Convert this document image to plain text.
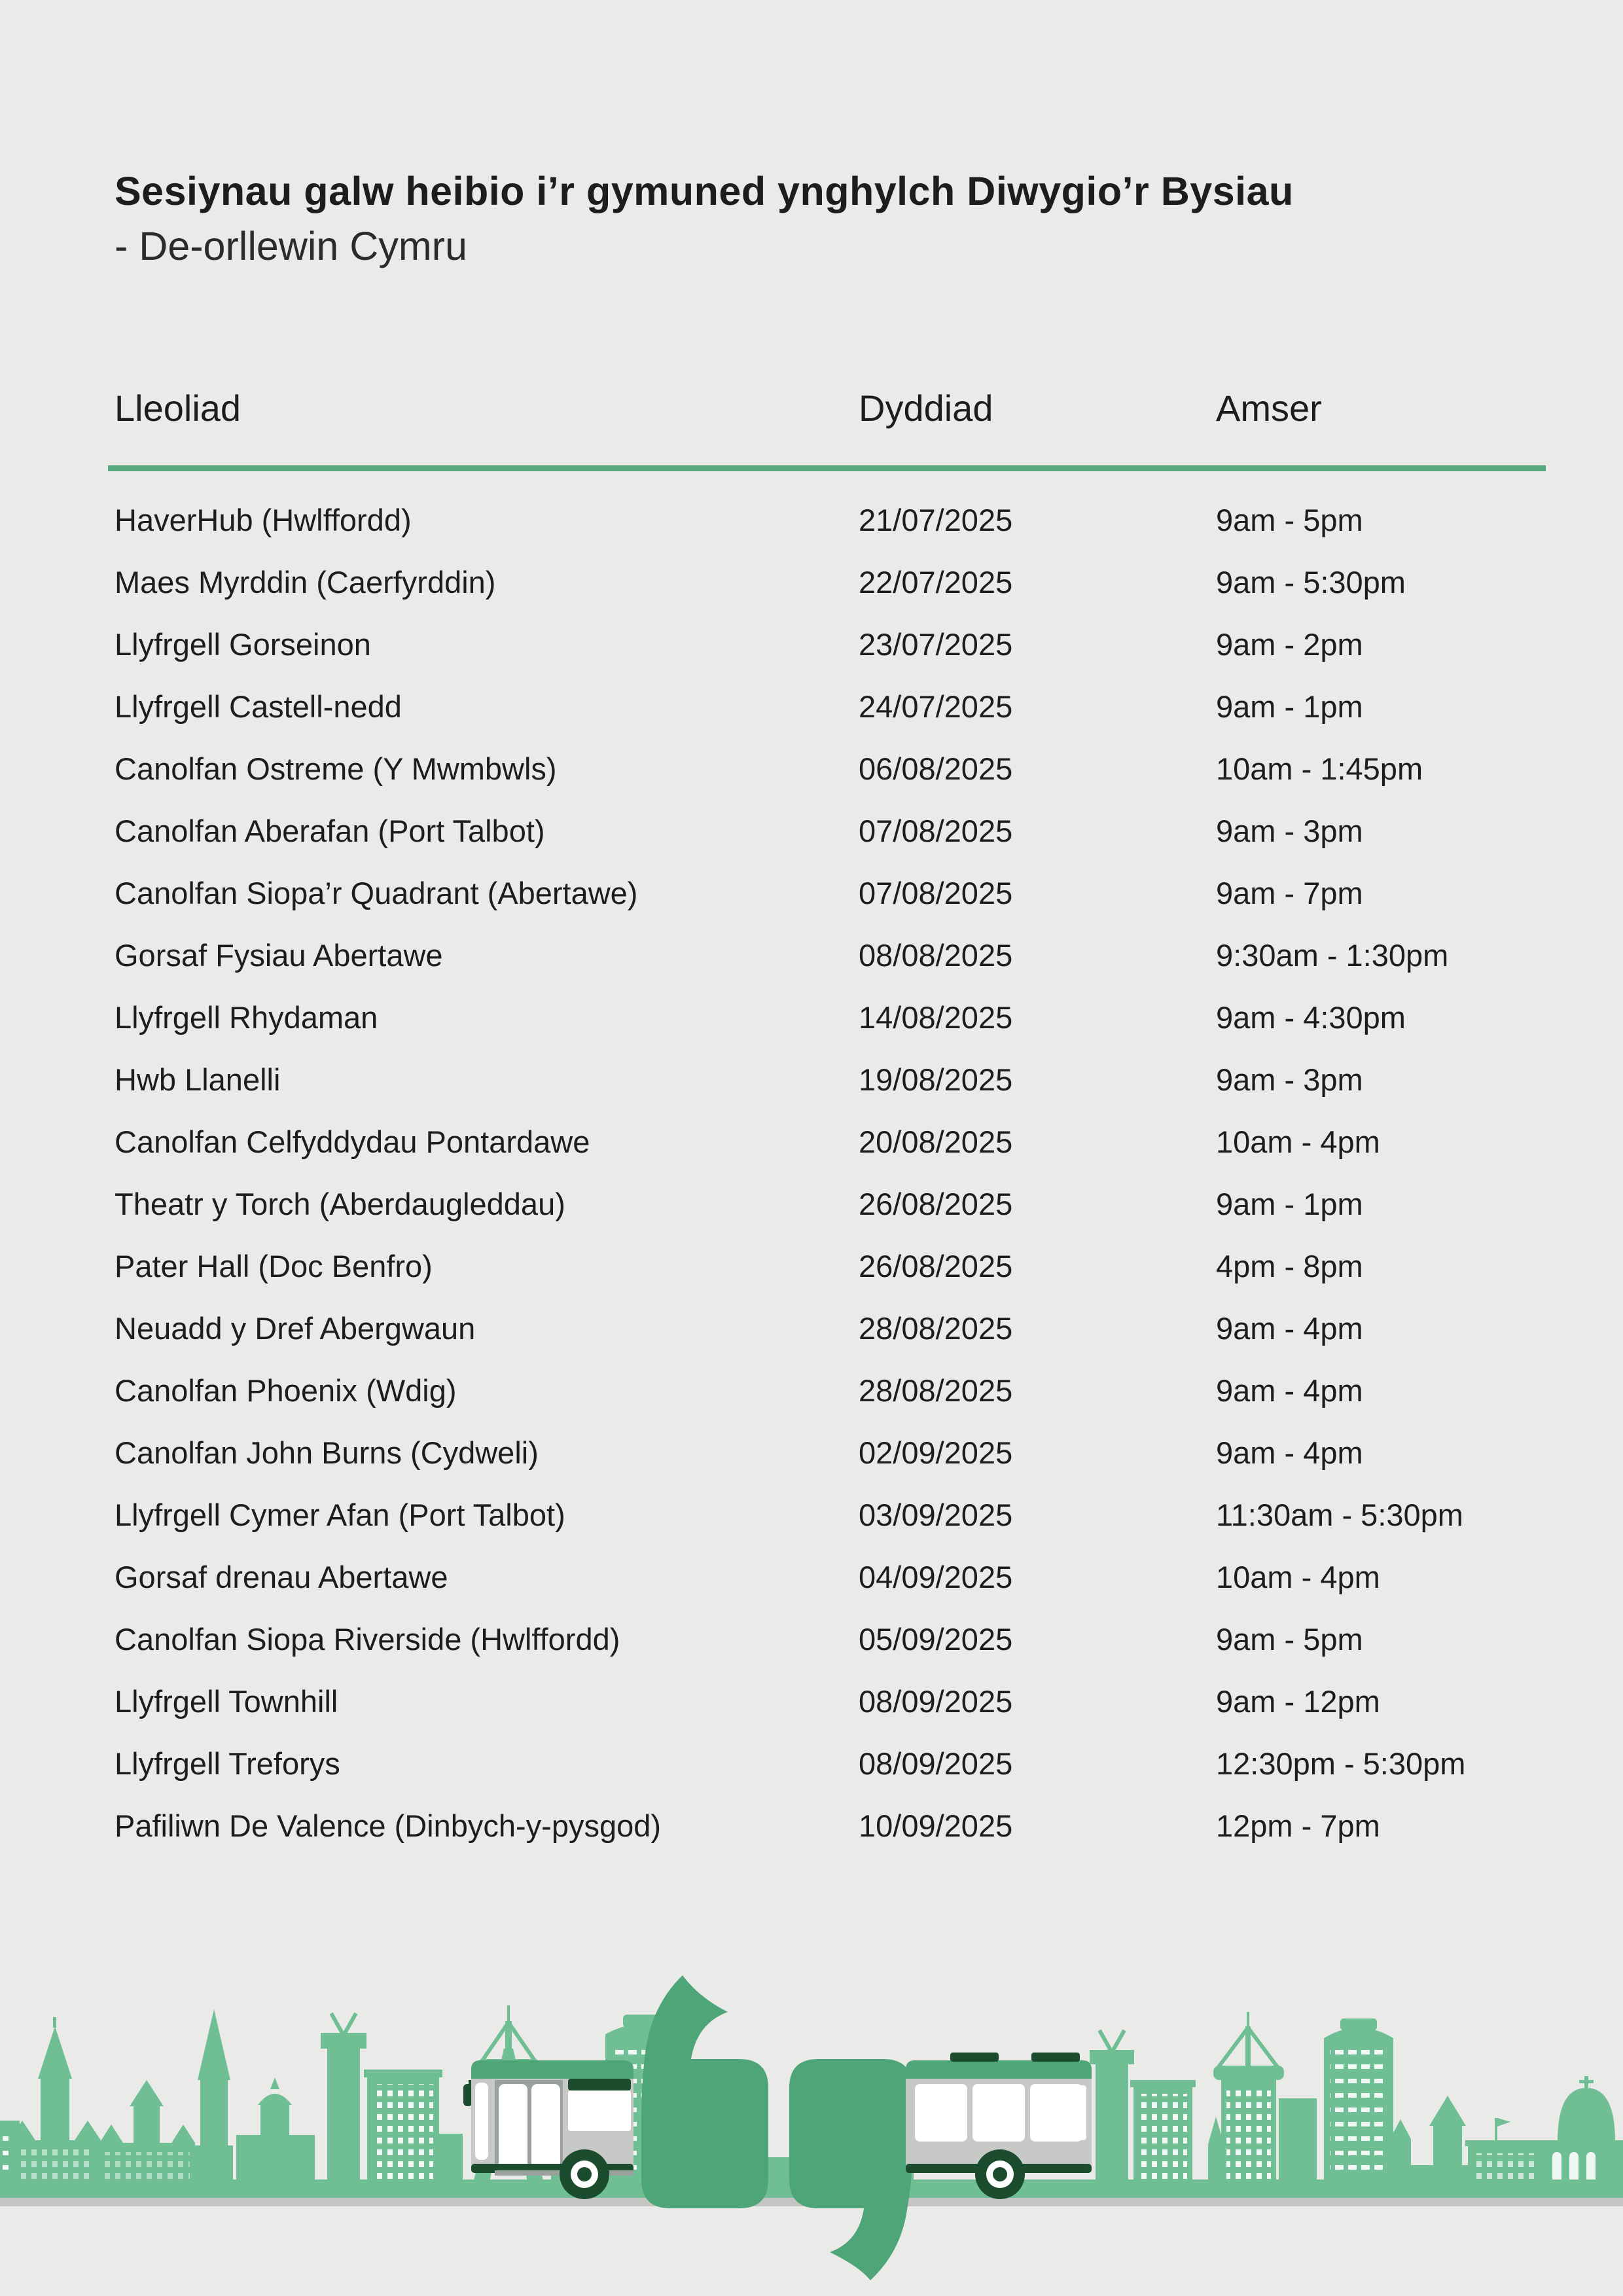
Sesiynau galw heibio i’r gymuned ynghylch Diwygio’r Bysiau
- De-orllewin Cymru
Lleoliad	Dyddiad	Amser
HaverHub (Hwlffordd)	21/07/2025	9am - 5pm
Maes Myrddin (Caerfyrddin)	22/07/2025	9am - 5:30pm
Llyfrgell Gorseinon	23/07/2025	9am - 2pm
Llyfrgell Castell-nedd	24/07/2025	9am - 1pm
Canolfan Ostreme (Y Mwmbwls)	06/08/2025	10am - 1:45pm
Canolfan Aberafan (Port Talbot)	07/08/2025	9am - 3pm
Canolfan Siopa’r Quadrant (Abertawe)	07/08/2025	9am - 7pm
Gorsaf Fysiau Abertawe	08/08/2025	9:30am - 1:30pm
Llyfrgell Rhydaman	14/08/2025	9am - 4:30pm
Hwb Llanelli	19/08/2025	9am - 3pm
Canolfan Celfyddydau Pontardawe	20/08/2025	10am - 4pm
Theatr y Torch (Aberdaugleddau)	26/08/2025	9am - 1pm
Pater Hall (Doc Benfro)	26/08/2025	4pm - 8pm
Neuadd y Dref Abergwaun	28/08/2025	9am - 4pm
Canolfan Phoenix (Wdig)	28/08/2025	9am - 4pm
Canolfan John Burns (Cydweli)	02/09/2025	9am - 4pm
Llyfrgell Cymer Afan (Port Talbot)	03/09/2025	11:30am - 5:30pm
Gorsaf drenau Abertawe	04/09/2025	10am - 4pm
Canolfan Siopa Riverside (Hwlffordd)	05/09/2025	9am - 5pm
Llyfrgell Townhill	08/09/2025	9am - 12pm
Llyfrgell Treforys	08/09/2025	12:30pm - 5:30pm
Pafiliwn De Valence (Dinbych-y-pysgod)	10/09/2025	12pm - 7pm
